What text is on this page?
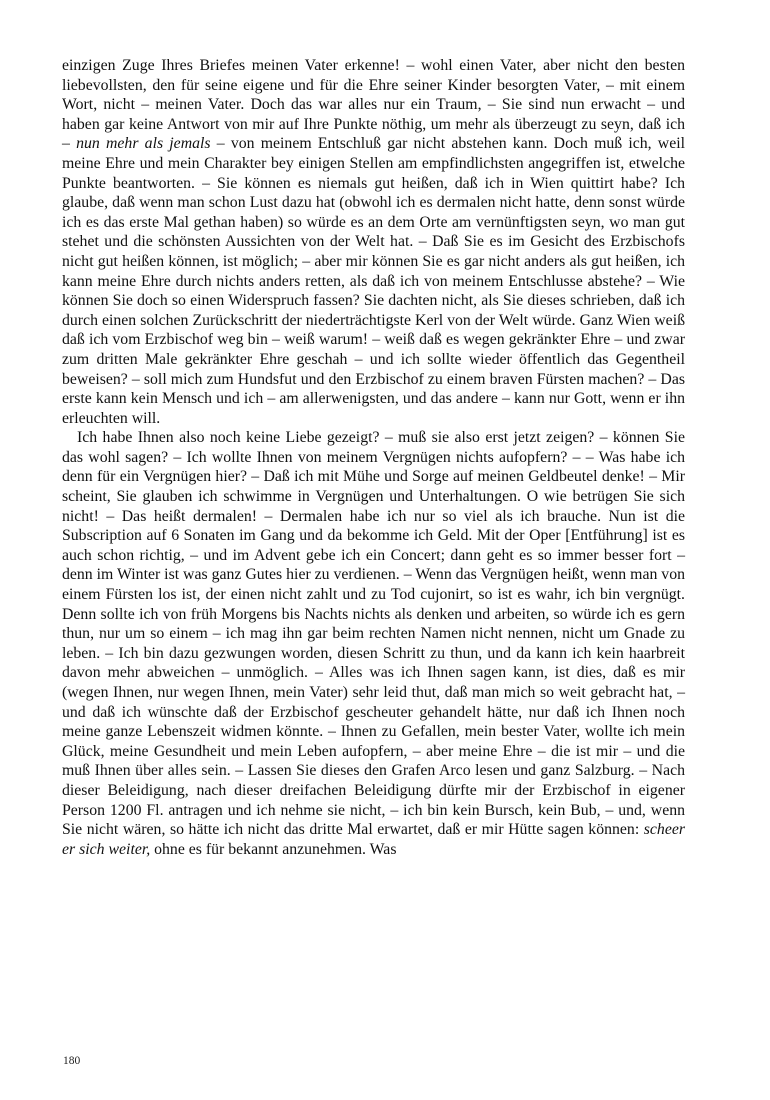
einzigen Zuge Ihres Briefes meinen Vater erkenne! – wohl einen Vater, aber nicht den besten liebevollsten, den für seine eigene und für die Ehre seiner Kinder besorgten Vater, – mit einem Wort, nicht – meinen Vater. Doch das war alles nur ein Traum, – Sie sind nun erwacht – und haben gar keine Antwort von mir auf Ihre Punkte nöthig, um mehr als überzeugt zu seyn, daß ich – nun mehr als jemals – von meinem Entschluß gar nicht abstehen kann. Doch muß ich, weil meine Ehre und mein Charakter bey einigen Stellen am empfindlichsten angegriffen ist, etwelche Punkte beantworten. – Sie können es niemals gut heißen, daß ich in Wien quittirt habe? Ich glaube, daß wenn man schon Lust dazu hat (obwohl ich es dermalen nicht hatte, denn sonst würde ich es das erste Mal gethan haben) so würde es an dem Orte am vernünftigsten seyn, wo man gut stehet und die schönsten Aussichten von der Welt hat. – Daß Sie es im Gesicht des Erzbischofs nicht gut heißen können, ist möglich; – aber mir können Sie es gar nicht anders als gut heißen, ich kann meine Ehre durch nichts anders retten, als daß ich von meinem Entschlusse abstehe? – Wie können Sie doch so einen Widerspruch fassen? Sie dachten nicht, als Sie dieses schrieben, daß ich durch einen solchen Zurückschritt der niederträchtigste Kerl von der Welt würde. Ganz Wien weiß daß ich vom Erzbischof weg bin – weiß warum! – weiß daß es wegen gekränkter Ehre – und zwar zum dritten Male gekränkter Ehre geschah – und ich sollte wieder öffentlich das Gegentheil beweisen? – soll mich zum Hundsfut und den Erzbischof zu einem braven Fürsten machen? – Das erste kann kein Mensch und ich – am allerwenigsten, und das andere – kann nur Gott, wenn er ihn erleuchten will.

Ich habe Ihnen also noch keine Liebe gezeigt? – muß sie also erst jetzt zeigen? – können Sie das wohl sagen? – Ich wollte Ihnen von meinem Vergnügen nichts aufopfern? – – Was habe ich denn für ein Vergnügen hier? – Daß ich mit Mühe und Sorge auf meinen Geldbeutel denke! – Mir scheint, Sie glauben ich schwimme in Vergnügen und Unterhaltungen. O wie betrügen Sie sich nicht! – Das heißt dermalen! – Dermalen habe ich nur so viel als ich brauche. Nun ist die Subscription auf 6 Sonaten im Gang und da bekomme ich Geld. Mit der Oper [Entführung] ist es auch schon richtig, – und im Advent gebe ich ein Concert; dann geht es so immer besser fort – denn im Winter ist was ganz Gutes hier zu verdienen. – Wenn das Vergnügen heißt, wenn man von einem Fürsten los ist, der einen nicht zahlt und zu Tod cujonirt, so ist es wahr, ich bin vergnügt. Denn sollte ich von früh Morgens bis Nachts nichts als denken und arbeiten, so würde ich es gern thun, nur um so einem – ich mag ihn gar beim rechten Namen nicht nennen, nicht um Gnade zu leben. – Ich bin dazu gezwungen worden, diesen Schritt zu thun, und da kann ich kein haarbreit davon mehr abweichen – unmöglich. – Alles was ich Ihnen sagen kann, ist dies, daß es mir (wegen Ihnen, nur wegen Ihnen, mein Vater) sehr leid thut, daß man mich so weit gebracht hat, – und daß ich wünschte daß der Erzbischof gescheuter gehandelt hätte, nur daß ich Ihnen noch meine ganze Lebenszeit widmen könnte. – Ihnen zu Gefallen, mein bester Vater, wollte ich mein Glück, meine Gesundheit und mein Leben aufopfern, – aber meine Ehre – die ist mir – und die muß Ihnen über alles sein. – Lassen Sie dieses den Grafen Arco lesen und ganz Salzburg. – Nach dieser Beleidigung, nach dieser dreifachen Beleidigung dürfte mir der Erzbischof in eigener Person 1200 Fl. antragen und ich nehme sie nicht, – ich bin kein Bursch, kein Bub, – und, wenn Sie nicht wären, so hätte ich nicht das dritte Mal erwartet, daß er mir Hütte sagen können: scheer er sich weiter, ohne es für bekannt anzunehmen. Was

180
